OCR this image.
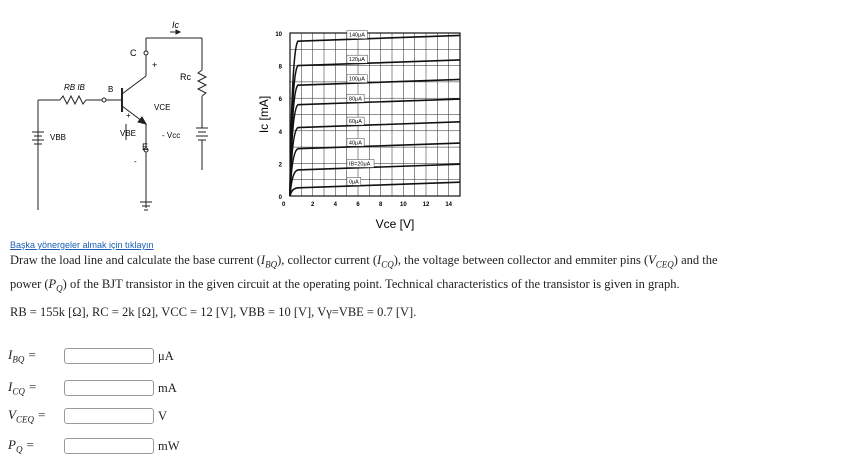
Ic
C
+
Rc
RB IB	B
VCE
VBB	VBE	- Vcc
E
+
-
0
2
4
6
8
10
2	4	6	8	10	12	14
0
Ic [mA]
Vce [V]
140μA
120μA
100μA
80μA
60μA
40μA
IB=20μA
0μA
Başka yönergeler almak için tıklayın
Draw the load line and calculate the base current $(I_{BQ})$, collector current $(I_{CQ})$, the voltage between collector and emmiter pins $(V_{CEQ})$ and the
power $(P_Q)$ of the BJT transistor in the given circuit at the operating point. Technical characteristics of the transistor is given in graph.
RB = 155k [Ω], RC = 2k [Ω], VCC = 12 [V], VBB = 10 [V], Vγ=VBE = 0.7 [V].
$I_{BQ}$ =	μA
$I_{CQ}$ =	mA
$V_{CEQ}$ =	V
$P_Q$ =	mW
